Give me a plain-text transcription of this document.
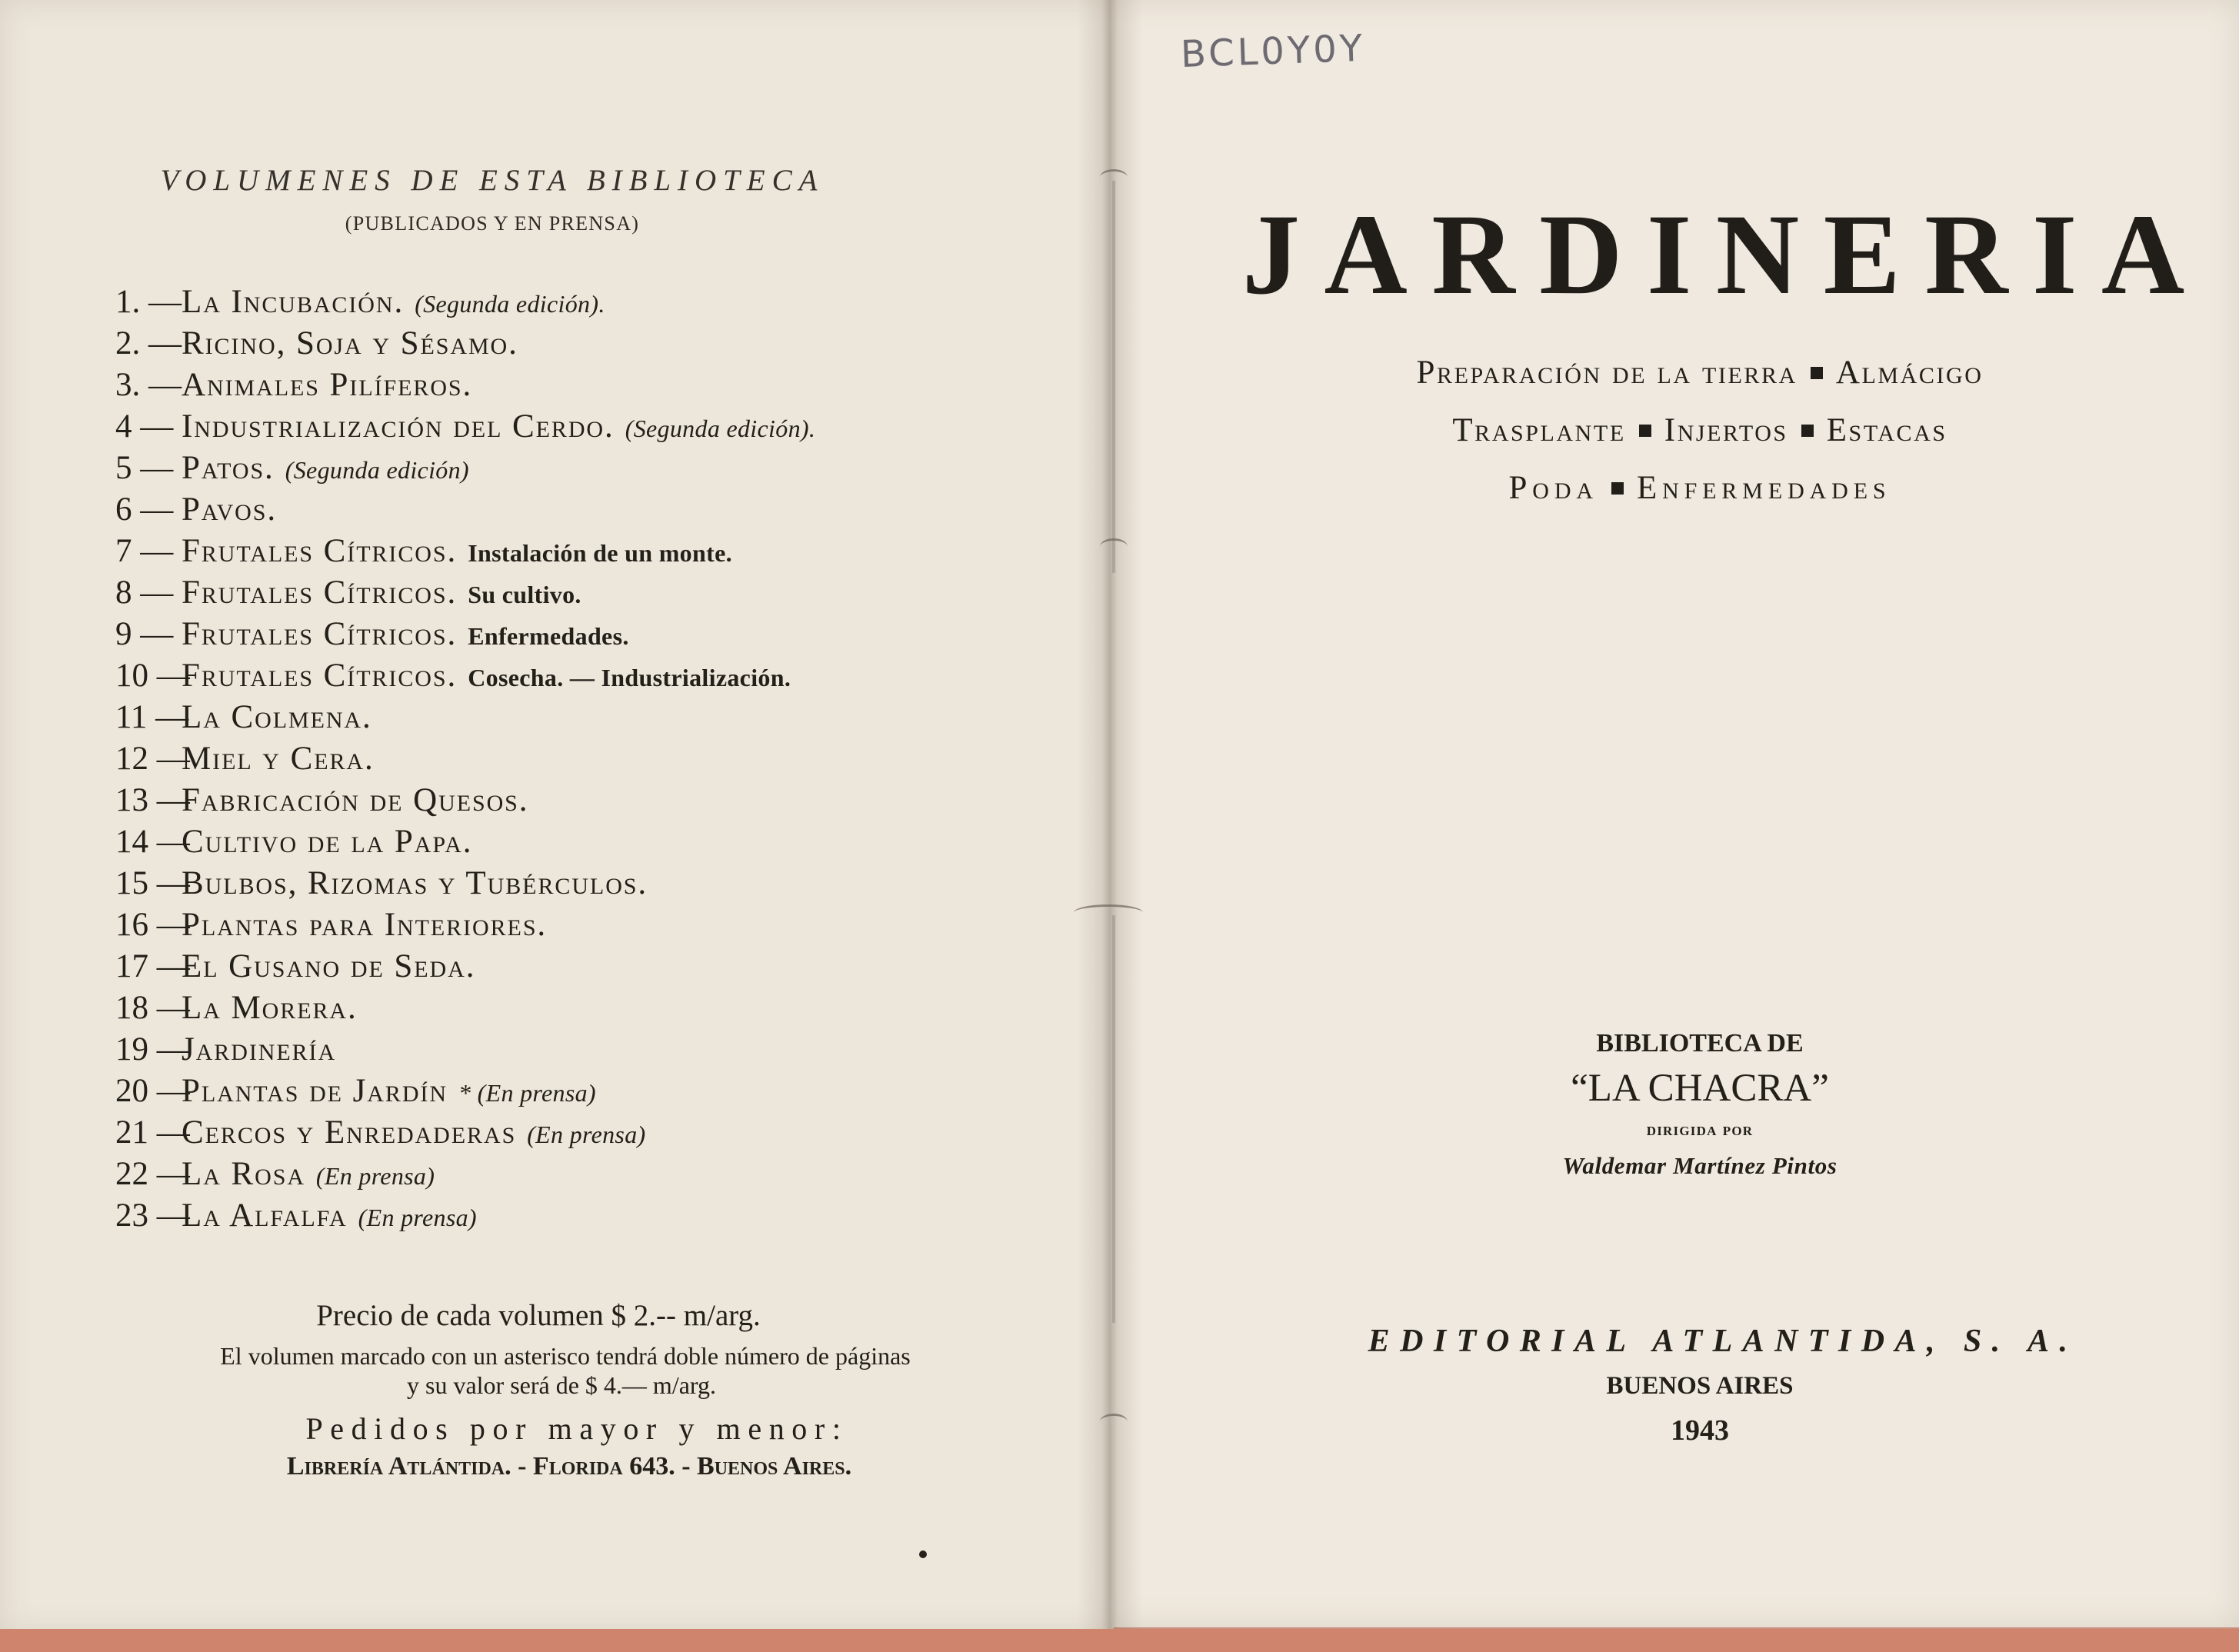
VOLUMENES DE ESTA BIBLIOTECA
(PUBLICADOS Y EN PRENSA)
1. —La Incubación. (Segunda edición).
2. —Ricino, Soja y Sésamo.
3. —Animales Pilíferos.
4 — Industrialización del Cerdo. (Segunda edición).
5 — Patos. (Segunda edición)
6 — Pavos.
7 — Frutales Cítricos. Instalación de un monte.
8 — Frutales Cítricos. Su cultivo.
9 — Frutales Cítricos. Enfermedades.
10 —Frutales Cítricos. Cosecha. — Industrialización.
11 —La Colmena.
12 —Miel y Cera.
13 —Fabricación de Quesos.
14 —Cultivo de la Papa.
15 —Bulbos, Rizomas y Tubérculos.
16 —Plantas para Interiores.
17 —El Gusano de Seda.
18 —La Morera.
19 —Jardinería
20 —Plantas de Jardín * (En prensa)
21 —Cercos y Enredaderas (En prensa)
22 —La Rosa (En prensa)
23 —La Alfalfa (En prensa)
Precio de cada volumen $ 2.-- m/arg.
El volumen marcado con un asterisco tendrá doble número de páginas
y su valor será de $ 4.— m/arg.
Pedidos por mayor y menor:
Librería Atlántida. - Florida 643. - Buenos Aires.
BCL0Y0Y
JARDINERIA
Preparación de la tierra Almácigo
Trasplante Injertos Estacas
Poda Enfermedades
BIBLIOTECA DE
“LA CHACRA”
dirigida por
Waldemar Martínez Pintos
EDITORIAL ATLANTIDA, S. A.
BUENOS AIRES
1943
